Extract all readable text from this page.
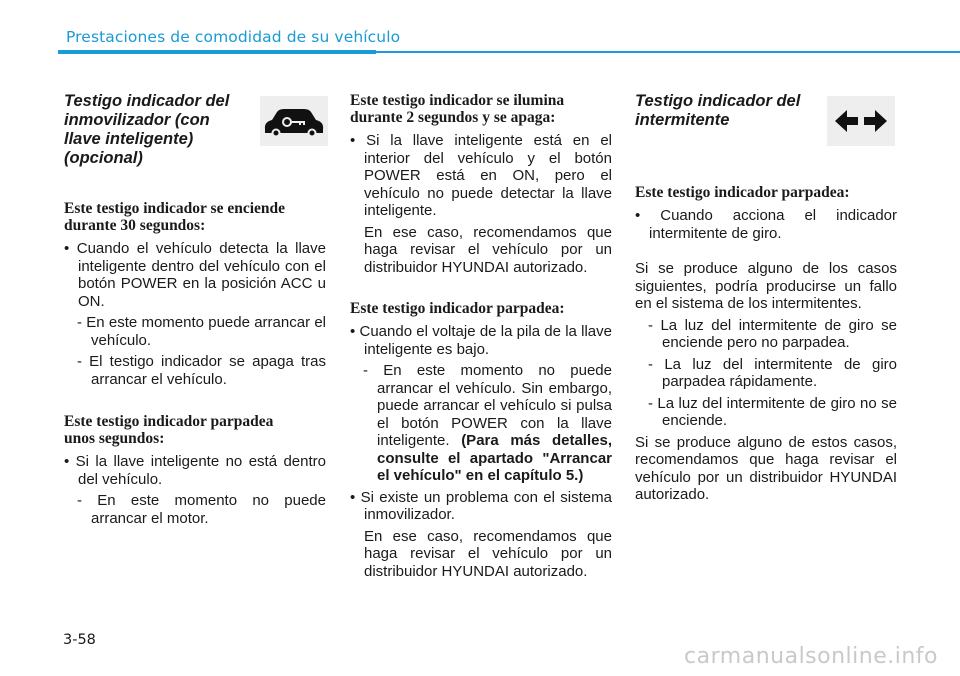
Prestaciones de comodidad de su vehículo
Testigo indicador del
inmovilizador (con
llave inteligente)
(opcional)

Este testigo indicador se enciende
durante 30 segundos:

• Cuando el vehículo detecta la llave inteligente dentro del vehículo con el botón POWER en la posición ACC u ON.

- En este momento puede arrancar el vehículo.

- El testigo indicador se apaga tras arrancar el vehículo.

Este testigo indicador parpadea
unos segundos:

• Si la llave inteligente no está dentro del vehículo.

- En este momento no puede arrancar el motor.

Este testigo indicador se ilumina
durante 2 segundos y se apaga:

• Si la llave inteligente está en el interior del vehículo y el botón POWER está en ON, pero el vehículo no puede detectar la llave inteligente.

En ese caso, recomendamos que haga revisar el vehículo por un distribuidor HYUNDAI autorizado.

Este testigo indicador parpadea:

• Cuando el voltaje de la pila de la llave inteligente es bajo.

- En este momento no puede arrancar el vehículo. Sin embargo, puede arrancar el vehículo si pulsa el botón POWER con la llave inteligente. (Para más detalles, consulte el apartado "Arrancar el vehículo" en el capítulo 5.)

• Si existe un problema con el sistema inmovilizador.

En ese caso, recomendamos que haga revisar el vehículo por un distribuidor HYUNDAI autorizado.

Testigo indicador del
intermitente

Este testigo indicador parpadea:

• Cuando acciona el indicador intermitente de giro.

Si se produce alguno de los casos siguientes, podría producirse un fallo en el sistema de los intermitentes.

- La luz del intermitente de giro se enciende pero no parpadea.

- La luz del intermitente de giro parpadea rápidamente.

- La luz del intermitente de giro no se enciende.

Si se produce alguno de estos casos, recomendamos que haga revisar el vehículo por un distribuidor HYUNDAI autorizado.

3-58
carmanualsonline.info
